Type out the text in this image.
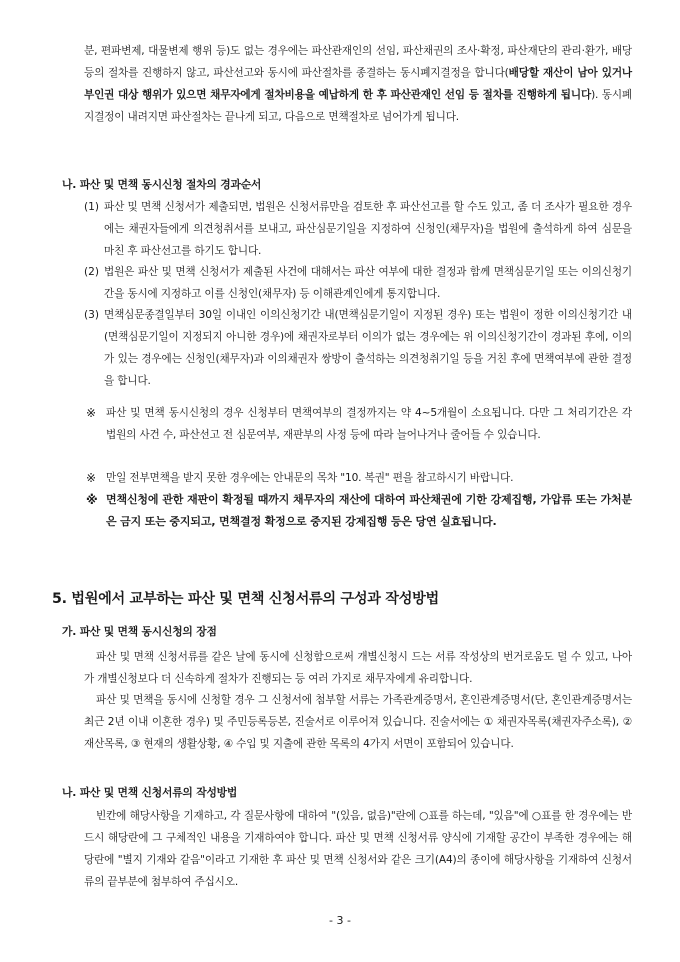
분, 편파변제, 대물변제 행위 등)도 없는 경우에는 파산관재인의 선임, 파산채권의 조사·확정, 파산재단의 관리·환가, 배당 등의 절차를 진행하지 않고, 파산선고와 동시에 파산절차를 종결하는 동시폐지결정을 합니다(배당할 재산이 남아 있거나 부인권 대상 행위가 있으면 채무자에게 절차비용을 예납하게 한 후 파산관재인 선임 등 절차를 진행하게 됩니다). 동시폐지결정이 내려지면 파산절차는 끝나게 되고, 다음으로 면책절차로 넘어가게 됩니다.
나. 파산 및 면책 동시신청 절차의 경과순서
(1) 파산 및 면책 신청서가 제출되면, 법원은 신청서류만을 검토한 후 파산선고를 할 수도 있고, 좀 더 조사가 필요한 경우에는 채권자들에게 의견청취서를 보내고, 파산심문기일을 지정하여 신청인(채무자)을 법원에 출석하게 하여 심문을 마친 후 파산선고를 하기도 합니다.
(2) 법원은 파산 및 면책 신청서가 제출된 사건에 대해서는 파산 여부에 대한 결정과 함께 면책심문기일 또는 이의신청기간을 동시에 지정하고 이를 신청인(채무자) 등 이해관계인에게 통지합니다.
(3) 면책심문종결일부터 30일 이내인 이의신청기간 내(면책심문기일이 지정된 경우) 또는 법원이 정한 이의신청기간 내(면책심문기일이 지정되지 아니한 경우)에 채권자로부터 이의가 없는 경우에는 위 이의신청기간이 경과된 후에, 이의가 있는 경우에는 신청인(채무자)과 이의채권자 쌍방이 출석하는 의견청취기일 등을 거친 후에 면책여부에 관한 결정을 합니다.
※ 파산 및 면책 동시신청의 경우 신청부터 면책여부의 결정까지는 약 4~5개월이 소요됩니다. 다만 그 처리기간은 각 법원의 사건 수, 파산선고 전 심문여부, 재판부의 사정 등에 따라 늘어나거나 줄어들 수 있습니다.
※ 만일 전부면책을 받지 못한 경우에는 안내문의 목차 "10. 복권" 편을 참고하시기 바랍니다.
※ 면책신청에 관한 재판이 확정될 때까지 채무자의 재산에 대하여 파산채권에 기한 강제집행, 가압류 또는 가처분은 금지 또는 중지되고, 면책결정 확정으로 중지된 강제집행 등은 당연 실효됩니다.
5. 법원에서 교부하는 파산 및 면책 신청서류의 구성과 작성방법
가. 파산 및 면책 동시신청의 장점
파산 및 면책 신청서류를 같은 날에 동시에 신청함으로써 개별신청시 드는 서류 작성상의 번거로움도 덜 수 있고, 나아가 개별신청보다 더 신속하게 절차가 진행되는 등 여러 가지로 채무자에게 유리합니다.
파산 및 면책을 동시에 신청할 경우 그 신청서에 첨부할 서류는 가족관계증명서, 혼인관계증명서(단, 혼인관계증명서는 최근 2년 이내 이혼한 경우) 및 주민등록등본, 진술서로 이루어져 있습니다. 진술서에는 ① 채권자목록(채권자주소록), ② 재산목록, ③ 현재의 생활상황, ④ 수입 및 지출에 관한 목록의 4가지 서면이 포함되어 있습니다.
나. 파산 및 면책 신청서류의 작성방법
빈칸에 해당사항을 기재하고, 각 질문사항에 대하여 "(있음, 없음)"란에 ○표를 하는데, "있음"에 ○표를 한 경우에는 반드시 해당란에 그 구체적인 내용을 기재하여야 합니다. 파산 및 면책 신청서류 양식에 기재할 공간이 부족한 경우에는 해당란에 "별지 기재와 같음"이라고 기재한 후 파산 및 면책 신청서와 같은 크기(A4)의 종이에 해당사항을 기재하여 신청서류의 끝부분에 첨부하여 주십시오.
- 3 -
